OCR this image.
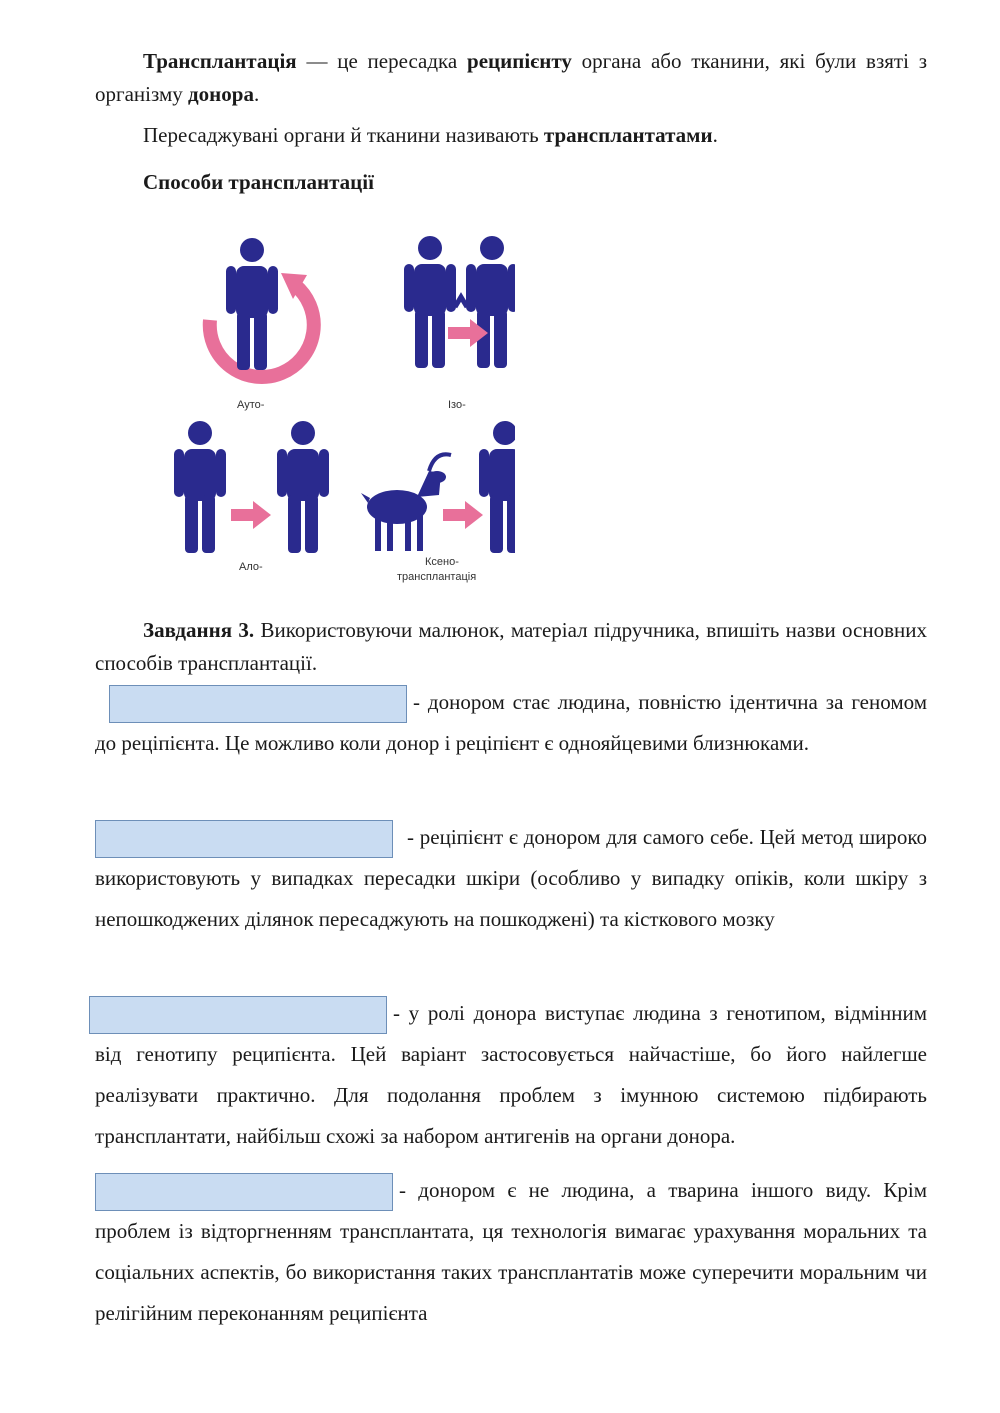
Трансплантація — це пересадка реципієнту органа або тканини, які були взяті з організму донора.

Пересаджувані органи й тканини називають трансплантатами.

Способи трансплантації

Завдання 3. Використовуючи малюнок, матеріал підручника, впишіть назви основних способів трансплантації.

- донором стає людина, повністю ідентична за геномом до реціпієнта. Це можливо коли донор і реціпієнт є однояйцевими близнюками.

- реціпієнт є донором для самого себе. Цей метод широко використовують у випадках пересадки шкіри (особливо у випадку опіків, коли шкіру з непошкоджених ділянок пересаджують на пошкоджені) та кісткового мозку

- у ролі донора виступає людина з генотипом, відмінним від генотипу реципієнта. Цей варіант застосовується найчастіше, бо його найлегше реалізувати практично. Для подолання проблем з імунною системою підбирають трансплантати, найбільш схожі за набором антигенів на органи донора.

- донором є не людина, а тварина іншого виду. Крім проблем із відторгненням трансплантата, ця технологія вимагає урахування моральних та соціальних аспектів, бо використання таких трансплантатів може суперечити моральним чи релігійним переконанням реципієнта

Ауто-	Ізо-
Ало-	Ксено-
трансплантація
